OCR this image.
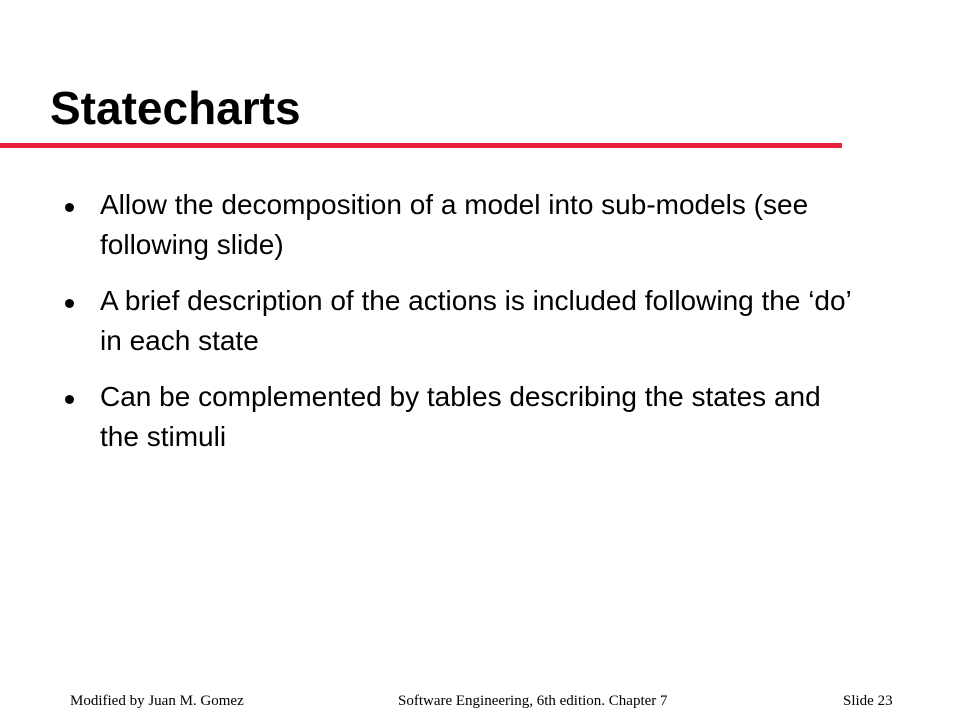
Statecharts
Allow the decomposition of a model into sub-models (see following slide)
A brief description of the actions is included following the ‘do’ in each state
Can be complemented by tables describing the states and the stimuli
Modified by Juan M. Gomez	Software Engineering, 6th edition. Chapter 7	Slide 23
